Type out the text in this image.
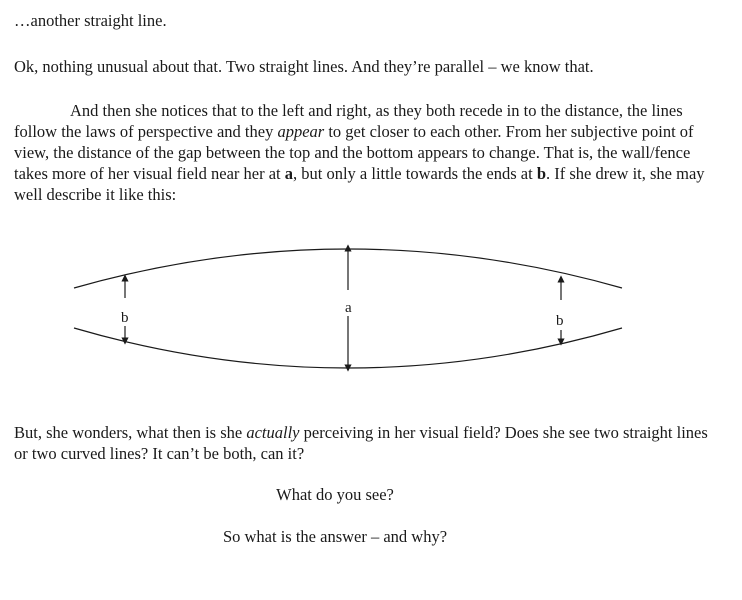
…another straight line.

Ok, nothing unusual about that. Two straight lines. And they’re parallel – we know that.

And then she notices that to the left and right, as they both recede in to the distance, the lines follow the laws of perspective and they appear to get closer to each other. From her subjective point of view, the distance of the gap between the top and the bottom appears to change. That is, the wall/fence takes more of her visual field near her at a, but only a little towards the ends at b. If she drew it, she may well describe it like this:

b
a
b

But, she wonders, what then is she actually perceiving in her visual field? Does she see two straight lines or two curved lines? It can’t be both, can it?

What do you see?

So what is the answer – and why?
